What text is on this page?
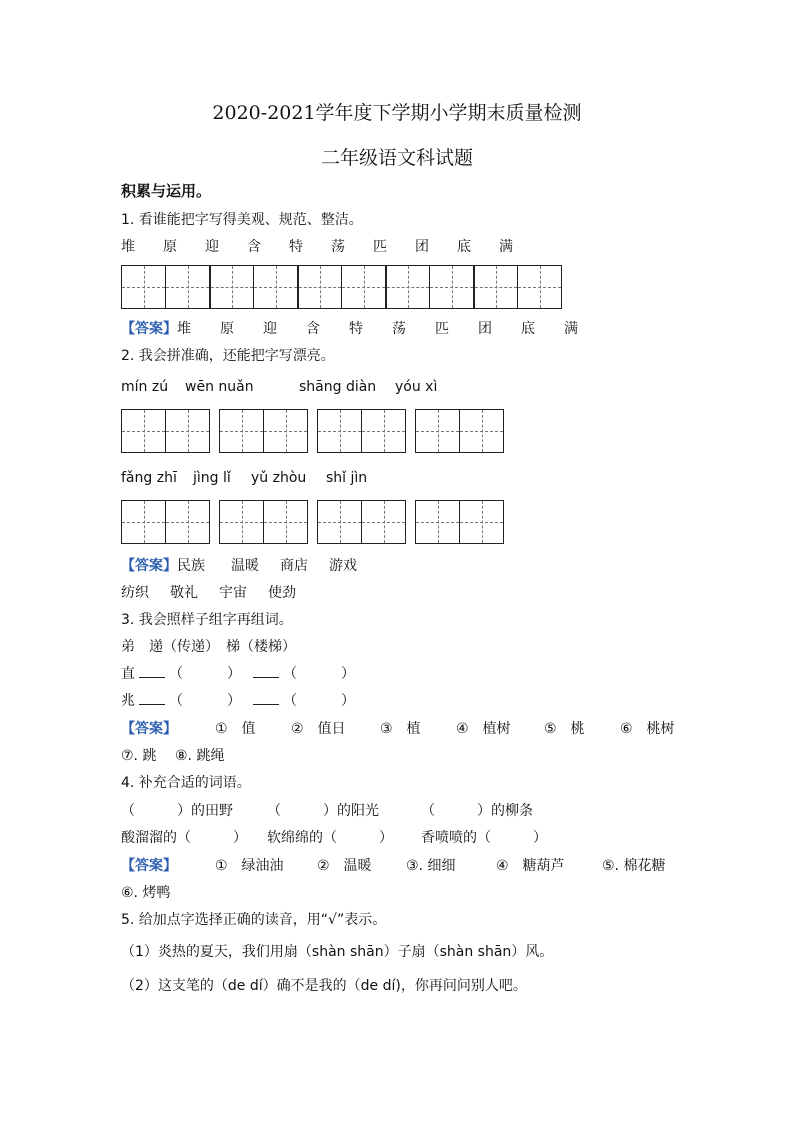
2020-2021学年度下学期小学期末质量检测
二年级语文科试题
积累与运用。
1. 看谁能把字写得美观、规范、整洁。
堆	原	迎	含	特	荡	匹	团	底	满
【答案】 堆	原	迎	含	特	荡	匹	团	底	满
2. 我会拼准确，还能把字写漂亮。
mín zú	wēn nuǎn	shāng diàn	yóu xì
fǎng zhī	jìng lǐ	yǔ zhòu	shǐ jìn
【答案】 民族	温暖	商店	游戏
纺织	敬礼	宇宙	使劲
3. 我会照样子组字再组词。
弟　递（传递）　梯（楼梯）
直 （	）	（	）
兆 （	）	（	）
【答案】	①　值	②　值日	③　植	④　植树	⑤　桃	⑥　桃树
⑦. 跳	⑧. 跳绳
4. 补充合适的词语。
（　　　）的田野	（　　　）的阳光	（　　　）的柳条
酸溜溜的（　　　）	软绵绵的（　　　）	香喷喷的（　　　）
【答案】	①　绿油油	②　温暖	③. 细细	④　糖葫芦	⑤. 棉花糖
⑥. 烤鸭
5. 给加点字选择正确的读音，用“√”表示。
（1）炎热的夏天，我们用扇（shàn shān）子扇（shàn shān）风。
（2）这支笔的（de dí）确不是我的（de dí)，你再问问别人吧。
